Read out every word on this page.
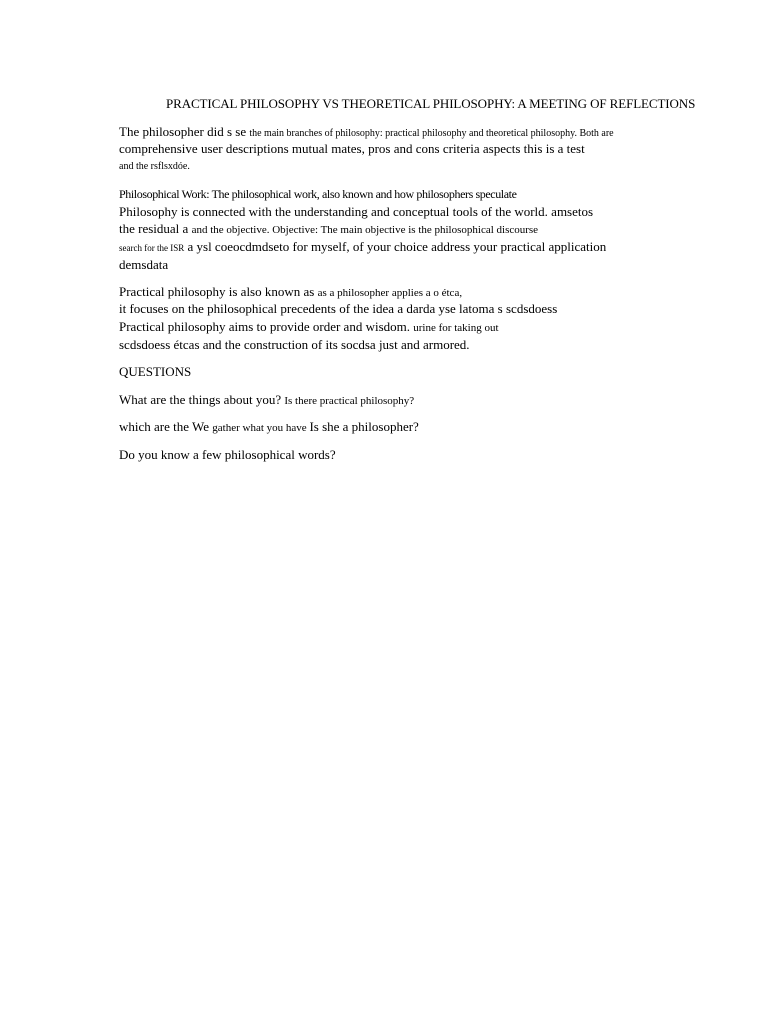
PRACTICAL PHILOSOPHY VS THEORETICAL PHILOSOPHY: A MEETING OF REFLECTIONS
The philosopher did s se the main branches of philosophy: practical philosophy and theoretical philosophy. Both are
comprehensive user descriptions mutual mates, pros and cons criteria aspects this is a test
and the rsflsxdóe.
Philosophical Work: The philosophical work, also known and how philosophers speculate
Philosophy is connected with the understanding and conceptual tools of the world. amsetos
the residual a and the objective. Objective: The main objective is the philosophical discourse
search for the ISR a ysl coeocdmdseto for myself, of your choice address your practical application
demsdata
Practical philosophy is also known as as a philosopher applies a o étca,
it focuses on the philosophical precedents of the idea a darda yse latoma s scdsdoess
Practical philosophy aims to provide order and wisdom. urine for taking out
scdsdoess étcas and the construction of its socdsa just and armored.
QUESTIONS
What are the things about you? Is there practical philosophy?
which are the We gather what you have Is she a philosopher?
Do you know a few philosophical words?
